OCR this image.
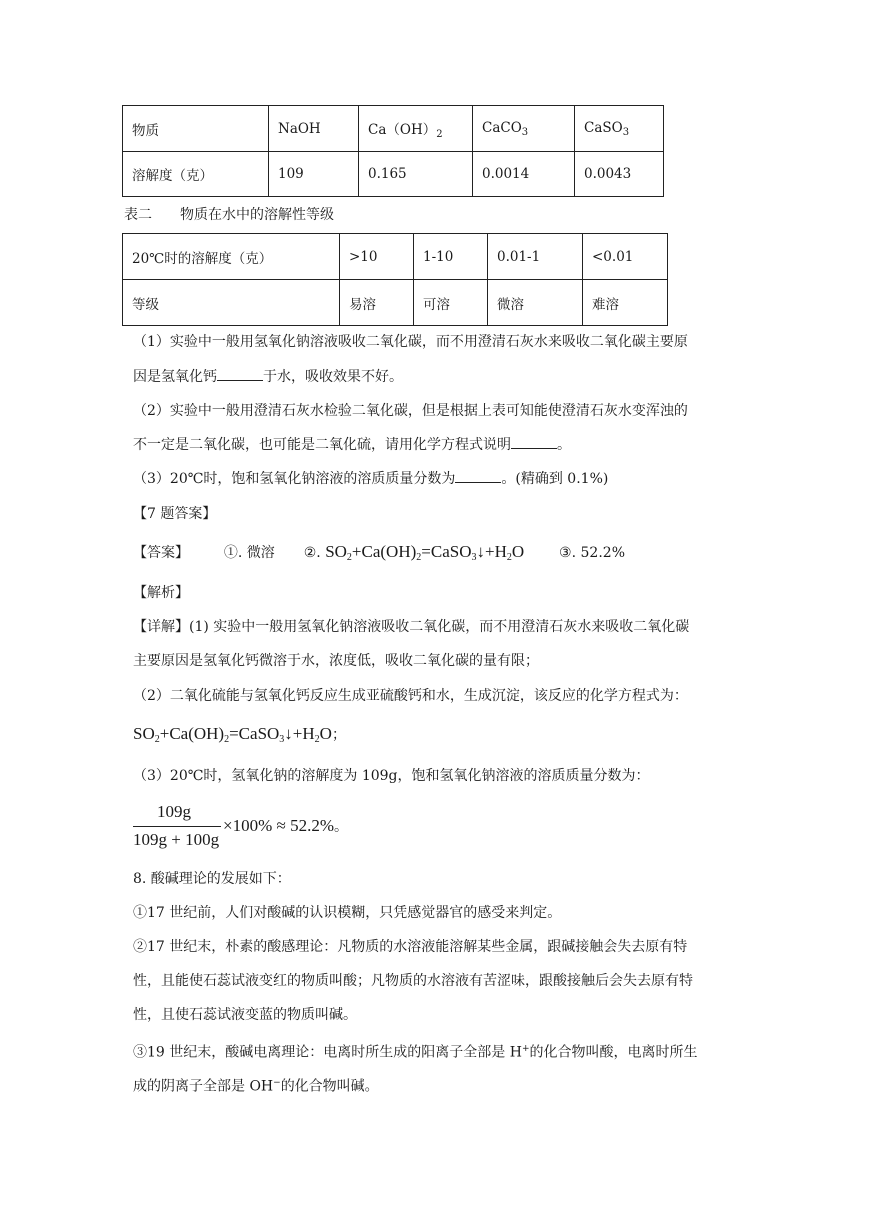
物质	NaOH	$Ca(OH)_2$	CaCO$_3$	CaSO$_3$
溶解度（克）	109	0.165	0.0014	0.0043
表二　　物质在水中的溶解性等级
20℃时的溶解度（克）	>10	1-10	0.01-1	<0.01
等级	易溶	可溶	微溶	难溶
（1）实验中一般用氢氧化钠溶液吸收二氧化碳，而不用澄清石灰水来吸收二氧化碳主要原
因是氢氧化钙	于水，吸收效果不好。
（2）实验中一般用澄清石灰水检验二氧化碳，但是根据上表可知能使澄清石灰水变浑浊的
不一定是二氧化碳，也可能是二氧化硫，请用化学方程式说明	。
（3）20℃时，饱和氢氧化钠溶液的溶质质量分数为	。(精确到 0.1%)
【7 题答案】
【答案】 ①. 微溶 ②. $SO_2+Ca(OH)_2=CaSO_3↓+H_2O$ ③. 52.2%
【解析】
【详解】(1) 实验中一般用氢氧化钠溶液吸收二氧化碳，而不用澄清石灰水来吸收二氧化碳
主要原因是氢氧化钙微溶于水，浓度低，吸收二氧化碳的量有限；
（2）二氧化硫能与氢氧化钙反应生成亚硫酸钙和水，生成沉淀，该反应的化学方程式为：
$SO_2+Ca(OH)_2=CaSO_3↓+H_2O$；
（3）20℃时，氢氧化钠的溶解度为 109g，饱和氢氧化钠溶液的溶质质量分数为：
109g
109g + 100g
×100% ≈ 52.2%。
8. 酸碱理论的发展如下：
①17 世纪前，人们对酸碱的认识模糊，只凭感觉器官的感受来判定。
②17 世纪末，朴素的酸感理论：凡物质的水溶液能溶解某些金属，跟碱接触会失去原有特
性，且能使石蕊试液变红的物质叫酸；凡物质的水溶液有苦涩味，跟酸接触后会失去原有特
性，且使石蕊试液变蓝的物质叫碱。
③19 世纪末，酸碱电离理论：电离时所生成的阳离子全部是 H+的化合物叫酸，电离时所生
成的阴离子全部是 OH−的化合物叫碱。
